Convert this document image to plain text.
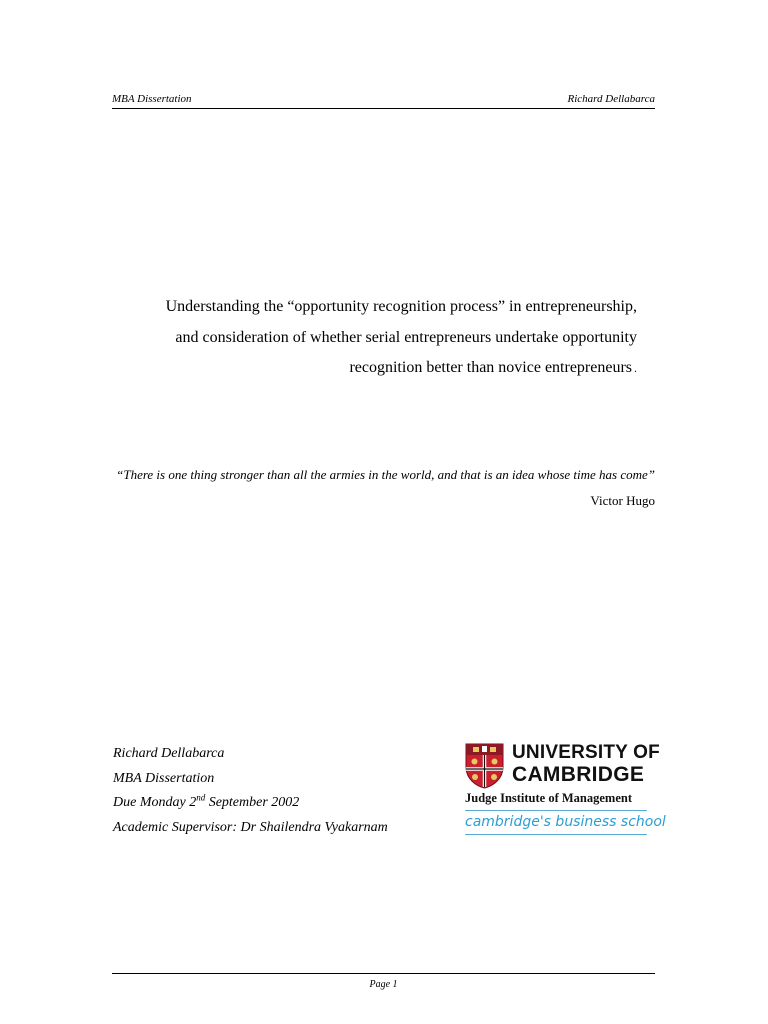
MBA Dissertation	Richard Dellabarca
Understanding the “opportunity recognition process” in entrepreneurship,
and consideration of whether serial entrepreneurs undertake opportunity
recognition better than novice entrepreneurs .
“There is one thing stronger than all the armies in the world, and that is an idea whose time has come”
Victor Hugo
Richard Dellabarca
MBA Dissertation
Due Monday 2nd September 2002
Academic Supervisor: Dr Shailendra Vyakarnam
UNIVERSITY OF
CAMBRIDGE
Judge Institute of Management
cambridge's business school
Page 1
